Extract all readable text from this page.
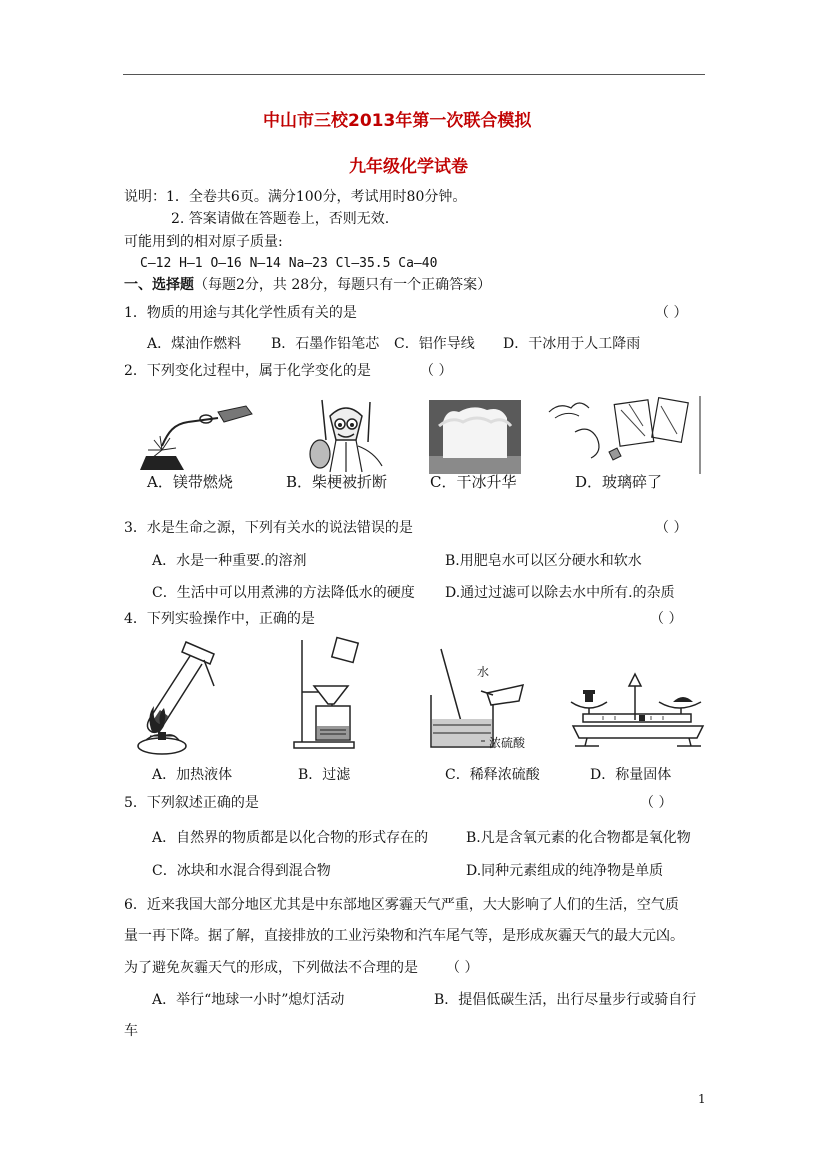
中山市三校2013年第一次联合模拟
九年级化学试卷
说明：1．全卷共6页。满分100分，考试用时80分钟。
2. 答案请做在答题卷上，否则无效.
可能用到的相对原子质量:
C—12 H—1 O—16 N—14 Na—23 Cl—35.5 Ca—40
一、选择题（每题2分，共 28分，每题只有一个正确答案）
1．物质的用途与其化学性质有关的是	（ ）
A．煤油作燃料 B．石墨作铅笔芯 C．铝作导线 D．干冰用于人工降雨
2．下列变化过程中，属于化学变化的是	（ ）
A．镁带燃烧	B．柴梗被折断	C．干冰升华	D．玻璃碎了
3．水是生命之源，下列有关水的说法错误的是	（ ）
A．水是一种重要.的溶剂	B.用肥皂水可以区分硬水和软水
C．生活中可以用煮沸的方法降低水的硬度 D.通过过滤可以除去水中所有.的杂质
4．下列实验操作中，正确的是	（ ）
水
浓硫酸
A．加热液体	B．过滤	C．稀释浓硫酸	D．称量固体
5．下列叙述正确的是	（ ）
A．自然界的物质都是以化合物的形式存在的	B.凡是含氧元素的化合物都是氧化物
C．冰块和水混合得到混合物	D.同种元素组成的纯净物是单质
6．近来我国大部分地区尤其是中东部地区雾霾天气严重，大大影响了人们的生活，空气质
量一再下降。据了解，直接排放的工业污染物和汽车尾气等，是形成灰霾天气的最大元凶。
为了避免灰霾天气的形成，下列做法不合理的是 （ ）
A．举行“地球一小时”熄灯活动	B．提倡低碳生活，出行尽量步行或骑自行
车
1
